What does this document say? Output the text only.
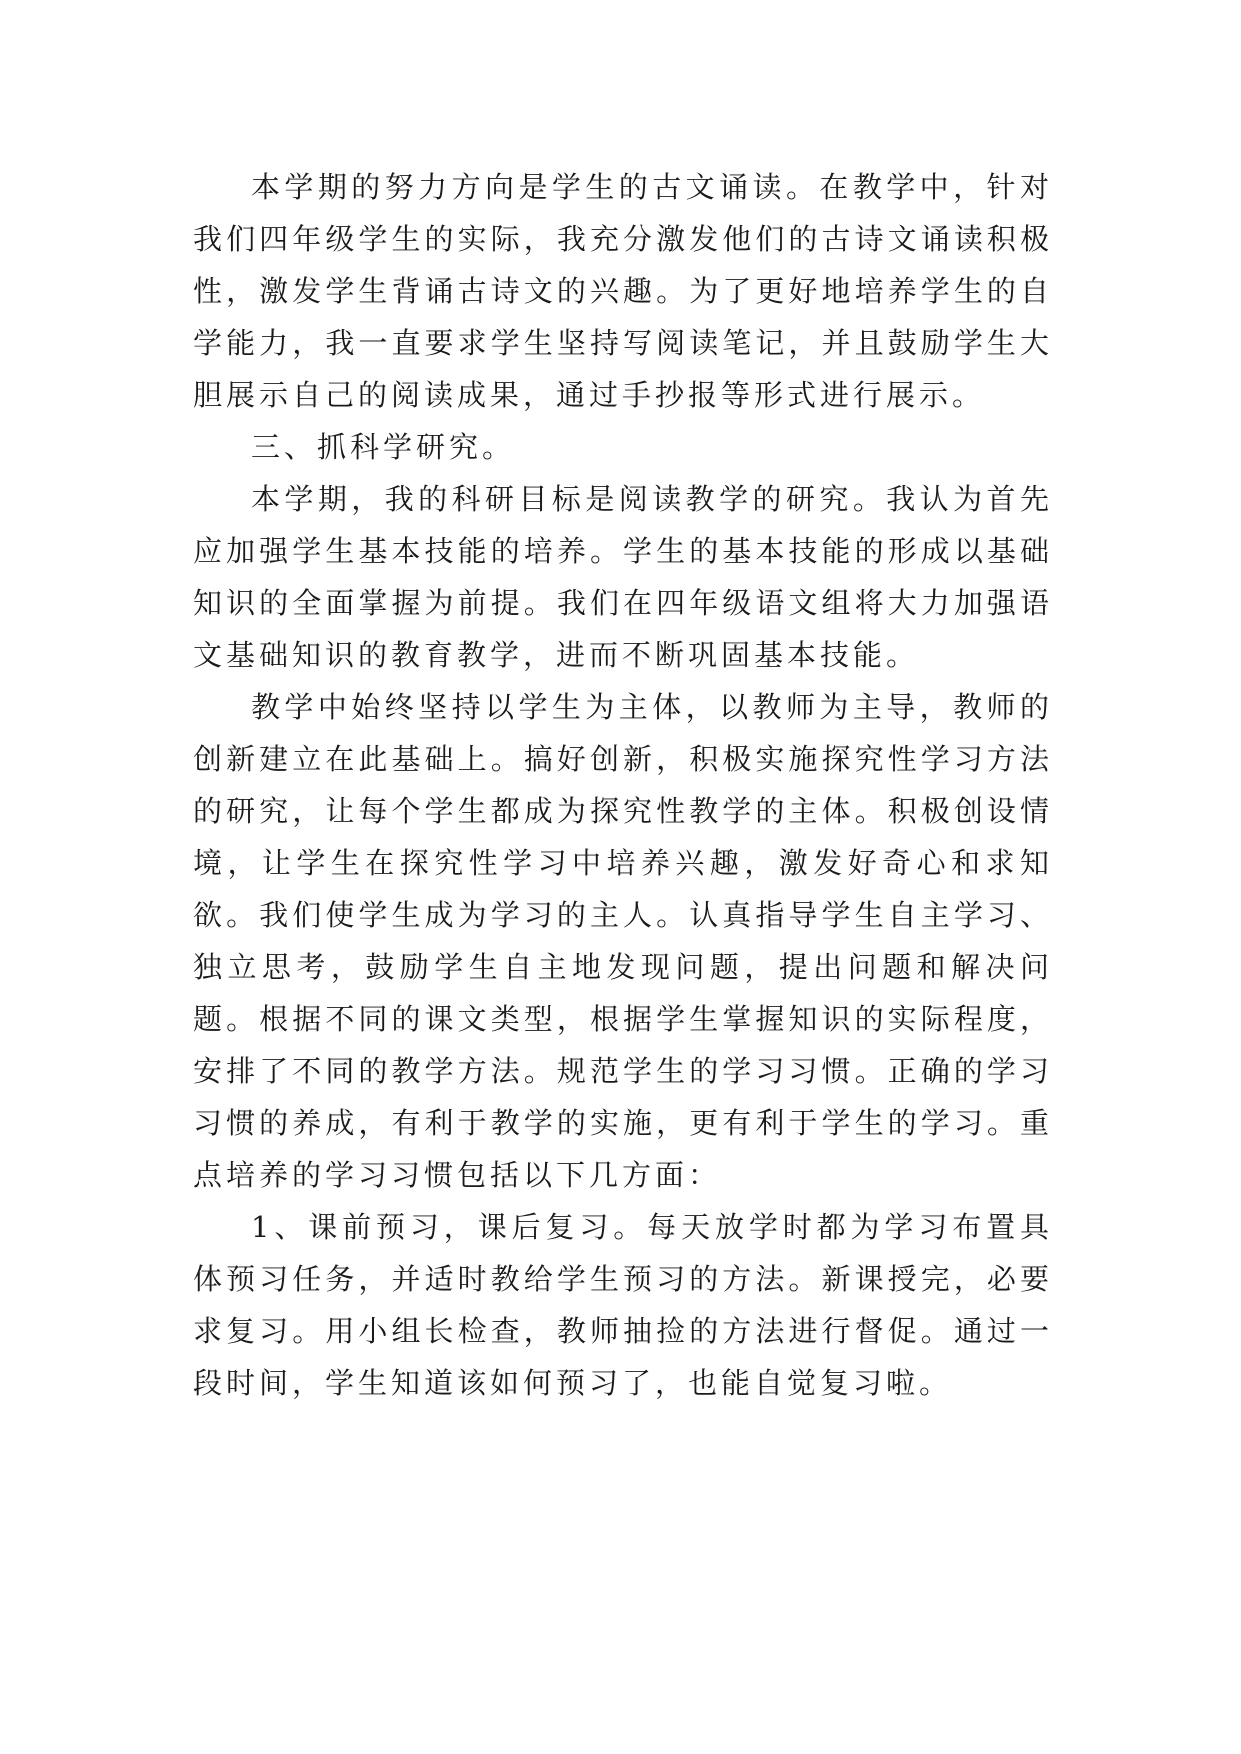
本学期的努力方向是学生的古文诵读。在教学中，针对我们四年级学生的实际，我充分激发他们的古诗文诵读积极性，激发学生背诵古诗文的兴趣。为了更好地培养学生的自学能力，我一直要求学生坚持写阅读笔记，并且鼓励学生大胆展示自己的阅读成果，通过手抄报等形式进行展示。

三、抓科学研究。

本学期，我的科研目标是阅读教学的研究。我认为首先应加强学生基本技能的培养。学生的基本技能的形成以基础知识的全面掌握为前提。我们在四年级语文组将大力加强语文基础知识的教育教学，进而不断巩固基本技能。

教学中始终坚持以学生为主体，以教师为主导，教师的创新建立在此基础上。搞好创新，积极实施探究性学习方法的研究，让每个学生都成为探究性教学的主体。积极创设情境，让学生在探究性学习中培养兴趣，激发好奇心和求知欲。我们使学生成为学习的主人。认真指导学生自主学习、独立思考，鼓励学生自主地发现问题，提出问题和解决问题。根据不同的课文类型，根据学生掌握知识的实际程度，安排了不同的教学方法。规范学生的学习习惯。正确的学习习惯的养成，有利于教学的实施，更有利于学生的学习。重点培养的学习习惯包括以下几方面：

1、课前预习，课后复习。每天放学时都为学习布置具体预习任务，并适时教给学生预习的方法。新课授完，必要求复习。用小组长检查，教师抽捡的方法进行督促。通过一段时间，学生知道该如何预习了，也能自觉复习啦。
